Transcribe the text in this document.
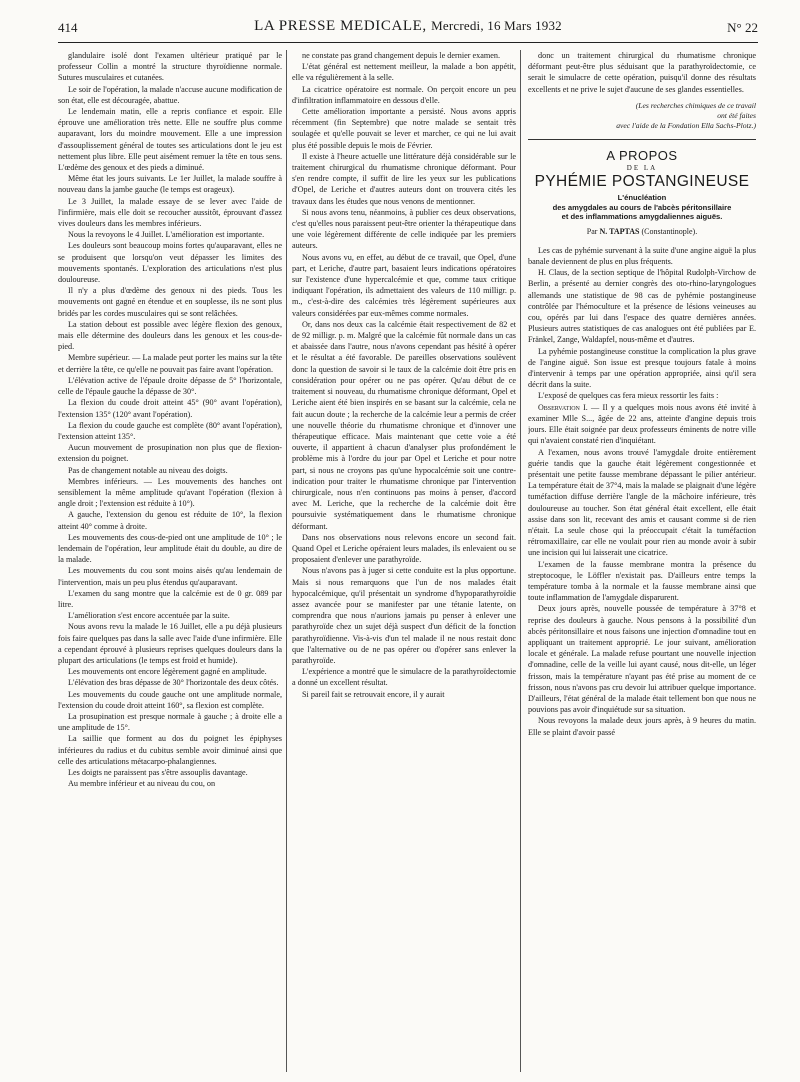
414	LA PRESSE MEDICALE, Mercredi, 16 Mars 1932	N° 22

glandulaire isolé dont l'examen ultérieur pratiqué par le professeur Collin a montré la structure thyroïdienne normale. Sutures musculaires et cutanées.

Le soir de l'opération, la malade n'accuse aucune modification de son état, elle est découragée, abattue.

Le lendemain matin, elle a repris confiance et espoir. Elle éprouve une amélioration très nette. Elle ne souffre plus comme auparavant, lors du moindre mouvement. Elle a une impression d'assouplissement général de toutes ses articulations dont le jeu est nettement plus libre. Elle peut aisément remuer la tête en tous sens. L'œdème des genoux et des pieds a diminué.

Même état les jours suivants. Le 1er Juillet, la malade souffre à nouveau dans la jambe gauche (le temps est orageux).

Le 3 Juillet, la malade essaye de se lever avec l'aide de l'infirmière, mais elle doit se recoucher aussitôt, éprouvant d'assez vives douleurs dans les membres inférieurs.

Nous la revoyons le 4 Juillet. L'amélioration est importante.

Les douleurs sont beaucoup moins fortes qu'auparavant, elles ne se produisent que lorsqu'on veut dépasser les limites des mouvements spontanés. L'exploration des articulations n'est plus douloureuse.

Il n'y a plus d'œdème des genoux ni des pieds. Tous les mouvements ont gagné en étendue et en souplesse, ils ne sont plus bridés par les cordes musculaires qui se sont relâchées.

La station debout est possible avec légère flexion des genoux, mais elle détermine des douleurs dans les genoux et les cous-de-pied.

Membre supérieur. — La malade peut porter les mains sur la tête et derrière la tête, ce qu'elle ne pouvait pas faire avant l'opération.

L'élévation active de l'épaule droite dépasse de 5° l'horizontale, celle de l'épaule gauche la dépasse de 30°.

La flexion du coude droit atteint 45° (90° avant l'opération), l'extension 135° (120° avant l'opération).

La flexion du coude gauche est complète (80° avant l'opération), l'extension atteint 135°.

Aucun mouvement de prosupination non plus que de flexion-extension du poignet.

Pas de changement notable au niveau des doigts.

Membres inférieurs. — Les mouvements des hanches ont sensiblement la même amplitude qu'avant l'opération (flexion à angle droit ; l'extension est réduite à 10°).

A gauche, l'extension du genou est réduite de 10°, la flexion atteint 40° comme à droite.

Les mouvements des cous-de-pied ont une amplitude de 10° ; le lendemain de l'opération, leur amplitude était du double, au dire de la malade.

Les mouvements du cou sont moins aisés qu'au lendemain de l'intervention, mais un peu plus étendus qu'auparavant.

L'examen du sang montre que la calcémie est de 0 gr. 089 par litre.

L'amélioration s'est encore accentuée par la suite.

Nous avons revu la malade le 16 Juillet, elle a pu déjà plusieurs fois faire quelques pas dans la salle avec l'aide d'une infirmière. Elle a cependant éprouvé à plusieurs reprises quelques douleurs dans la plupart des articulations (le temps est froid et humide).

Les mouvements ont encore légèrement gagné en amplitude.

L'élévation des bras dépasse de 30° l'horizontale des deux côtés.

Les mouvements du coude gauche ont une amplitude normale, l'extension du coude droit atteint 160°, sa flexion est complète.

La prosupination est presque normale à gauche ; à droite elle a une amplitude de 15°.

La saillie que forment au dos du poignet les épiphyses inférieures du radius et du cubitus semble avoir diminué ainsi que celle des articulations métacarpo-phalangiennes.

Les doigts ne paraissent pas s'être assouplis davantage.

Au membre inférieur et au niveau du cou, on

ne constate pas grand changement depuis le dernier examen.

L'état général est nettement meilleur, la malade a bon appétit, elle va régulièrement à la selle.

La cicatrice opératoire est normale. On perçoit encore un peu d'infiltration inflammatoire en dessous d'elle.

Cette amélioration importante a persisté. Nous avons appris récemment (fin Septembre) que notre malade se sentait très soulagée et qu'elle pouvait se lever et marcher, ce qui ne lui avait plus été possible depuis le mois de Février.

Il existe à l'heure actuelle une littérature déjà considérable sur le traitement chirurgical du rhumatisme chronique déformant. Pour s'en rendre compte, il suffit de lire les yeux sur les publications d'Opel, de Leriche et d'autres auteurs dont on trouvera cités les travaux dans les études que nous venons de mentionner.

Si nous avons tenu, néanmoins, à publier ces deux observations, c'est qu'elles nous paraissent peut-être orienter la thérapeutique dans une voie légèrement différente de celle indiquée par les premiers auteurs.

Nous avons vu, en effet, au début de ce travail, que Opel, d'une part, et Leriche, d'autre part, basaient leurs indications opératoires sur l'existence d'une hypercalcémie et que, comme taux critique indiquant l'opération, ils admettaient des valeurs de 110 milligr. p. m., c'est-à-dire des calcémies très légèrement supérieures aux valeurs considérées par eux-mêmes comme normales.

Or, dans nos deux cas la calcémie était respectivement de 82 et de 92 milligr. p. m. Malgré que la calcémie fût normale dans un cas et abaissée dans l'autre, nous n'avons cependant pas hésité à opérer et le résultat a été favorable. De pareilles observations soulèvent donc la question de savoir si le taux de la calcémie doit être pris en considération pour opérer ou ne pas opérer. Qu'au début de ce traitement si nouveau, du rhumatisme chronique déformant, Opel et Leriche aient été bien inspirés en se basant sur la calcémie, cela ne fait aucun doute ; la recherche de la calcémie leur a permis de créer une nouvelle théorie du rhumatisme chronique et d'innover une thérapeutique efficace. Mais maintenant que cette voie a été ouverte, il appartient à chacun d'analyser plus profondément le problème mis à l'ordre du jour par Opel et Leriche et pour notre part, si nous ne croyons pas qu'une hypocalcémie soit une contre-indication pour traiter le rhumatisme chronique par l'intervention chirurgicale, nous n'en continuons pas moins à penser, d'accord avec M. Leriche, que la recherche de la calcémie doit être poursuivie systématiquement dans le rhumatisme chronique déformant.

Dans nos observations nous relevons encore un second fait. Quand Opel et Leriche opéraient leurs malades, ils enlevaient ou se proposaient d'enlever une parathyroïde.

Nous n'avons pas à juger si cette conduite est la plus opportune. Mais si nous remarquons que l'un de nos malades était hypocalcémique, qu'il présentait un syndrome d'hypoparathyroïdie assez avancée pour se manifester par une tétanie latente, on comprendra que nous n'aurions jamais pu penser à enlever une parathyroïde chez un sujet déjà suspect d'un déficit de la fonction parathyroïdienne. Vis-à-vis d'un tel malade il ne nous restait donc que l'alternative ou de ne pas opérer ou d'opérer sans enlever la parathyroïde.

L'expérience a montré que le simulacre de la parathyroïdectomie a donné un excellent résultat.

Si pareil fait se retrouvait encore, il y aurait

donc un traitement chirurgical du rhumatisme chronique déformant peut-être plus séduisant que la parathyroïdectomie, ce serait le simulacre de cette opération, puisqu'il donne des résultats excellents et ne prive le sujet d'aucune de ses glandes essentielles.

(Les recherches chimiques de ce travail
ont été faites
avec l'aide de la Fondation Ella Sachs-Plotz.)
A PROPOS
DE LA
PYHÉMIE POSTANGINEUSE
L'énucléation
des amygdales au cours de l'abcès péritonsillaire
et des inflammations amygdaliennes aiguës.
Par N. TAPTAS (Constantinople).

Les cas de pyhémie survenant à la suite d'une angine aiguë la plus banale deviennent de plus en plus fréquents.

H. Claus, de la section septique de l'hôpital Rudolph-Virchow de Berlin, a présenté au dernier congrès des oto-rhino-laryngologues allemands une statistique de 98 cas de pyhémie postangineuse contrôlée par l'hémoculture et la présence de lésions veineuses au cou, opérés par lui dans l'espace des quatre dernières années. Plusieurs autres statistiques de cas analogues ont été publiées par E. Fränkel, Zange, Waldapfel, nous-même et d'autres.

La pyhémie postangineuse constitue la complication la plus grave de l'angine aiguë. Son issue est presque toujours fatale à moins d'intervenir à temps par une opération appropriée, ainsi qu'il sera décrit dans la suite.

L'exposé de quelques cas fera mieux ressortir les faits :

Observation I. — Il y a quelques mois nous avons été invité à examiner Mlle S..., âgée de 22 ans, atteinte d'angine depuis trois jours. Elle était soignée par deux professeurs éminents de notre ville qui n'avaient constaté rien d'inquiétant.

A l'examen, nous avons trouvé l'amygdale droite entièrement guérie tandis que la gauche était légèrement congestionnée et présentait une petite fausse membrane dépassant le pilier antérieur. La température était de 37°4, mais la malade se plaignait d'une légère tuméfaction diffuse derrière l'angle de la mâchoire inférieure, très douloureuse au toucher. Son état général était excellent, elle était assise dans son lit, recevant des amis et causant comme si de rien n'était. La seule chose qui la préoccupait c'était la tuméfaction rétromaxillaire, car elle ne voulait pour rien au monde avoir à subir une incision qui lui laisserait une cicatrice.

L'examen de la fausse membrane montra la présence du streptocoque, le Löffler n'existait pas. D'ailleurs entre temps la température tomba à la normale et la fausse membrane ainsi que toute inflammation de l'amygdale disparurent.

Deux jours après, nouvelle poussée de température à 37°8 et reprise des douleurs à gauche. Nous pensons à la possibilité d'un abcès péritonsillaire et nous faisons une injection d'omnadine tout en appliquant un traitement approprié. Le jour suivant, amélioration locale et générale. La malade refuse pourtant une nouvelle injection d'omnadine, celle de la veille lui ayant causé, nous dit-elle, un léger frisson, mais la température n'ayant pas été prise au moment de ce frisson, nous n'avons pas cru devoir lui attribuer quelque importance. D'ailleurs, l'état général de la malade était tellement bon que nous ne pouvions pas avoir d'inquiétude sur sa situation.

Nous revoyons la malade deux jours après, à 9 heures du matin. Elle se plaint d'avoir passé
